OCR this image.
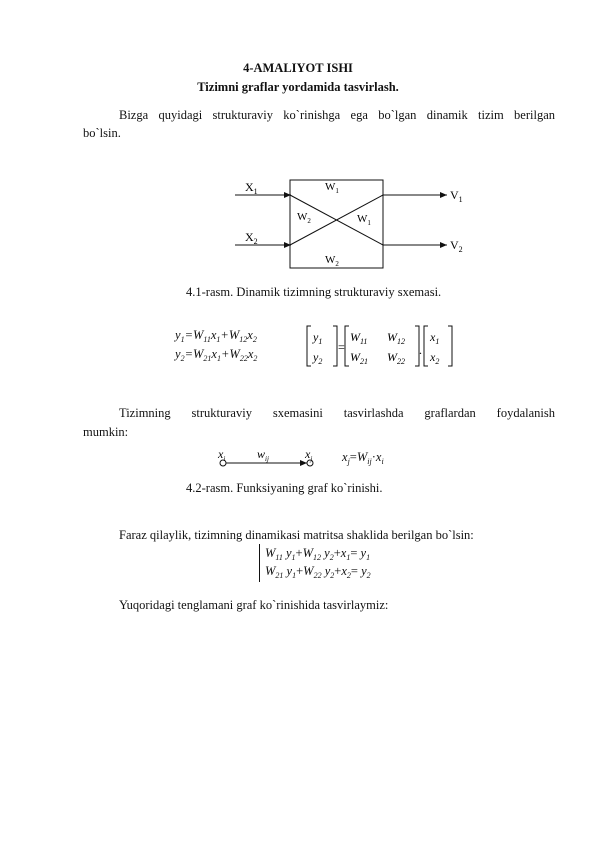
4-AMALIYOT ISHI
Tizimni graflar yordamida tasvirlash.
Bizga quyidagi strukturaviy ko`rinishga ega bo`lgan dinamik tizim berilgan
bo`lsin.
$X_1$
$X_2$
$V_1$
$V_2$
$W_1$
$W_2$	$W_1$
$W_2$
4.1-rasm. Dinamik tizimning strukturaviy sxemasi.
$y_1=W_{11}x_1+W_{12}x_2$
$y_2=W_{21}x_1+W_{22}x_2$
$y_1$
$y_2$
=
$W_{11}$ $W_{12}$
$W_{21}$ $W_{22}$
.
$x_1$
$x_2$
Tizimning strukturaviy sxemasini tasvirlashda graflardan foydalanish
mumkin:
$x_i$	$w_{ij}$	$x_j$ $x_j=W_{ij}\cdot x_i$
4.2-rasm. Funksiyaning graf ko`rinishi.
Faraz qilaylik, tizimning dinamikasi matritsa shaklida berilgan bo`lsin:
$W_{11}$ $y_1+W_{12}$ $y_2+x_1= y_1$
$W_{21}$ $y_1+W_{22}$ $y_2+x_2= y_2$
Yuqoridagi tenglamani graf ko`rinishida tasvirlaymiz:
